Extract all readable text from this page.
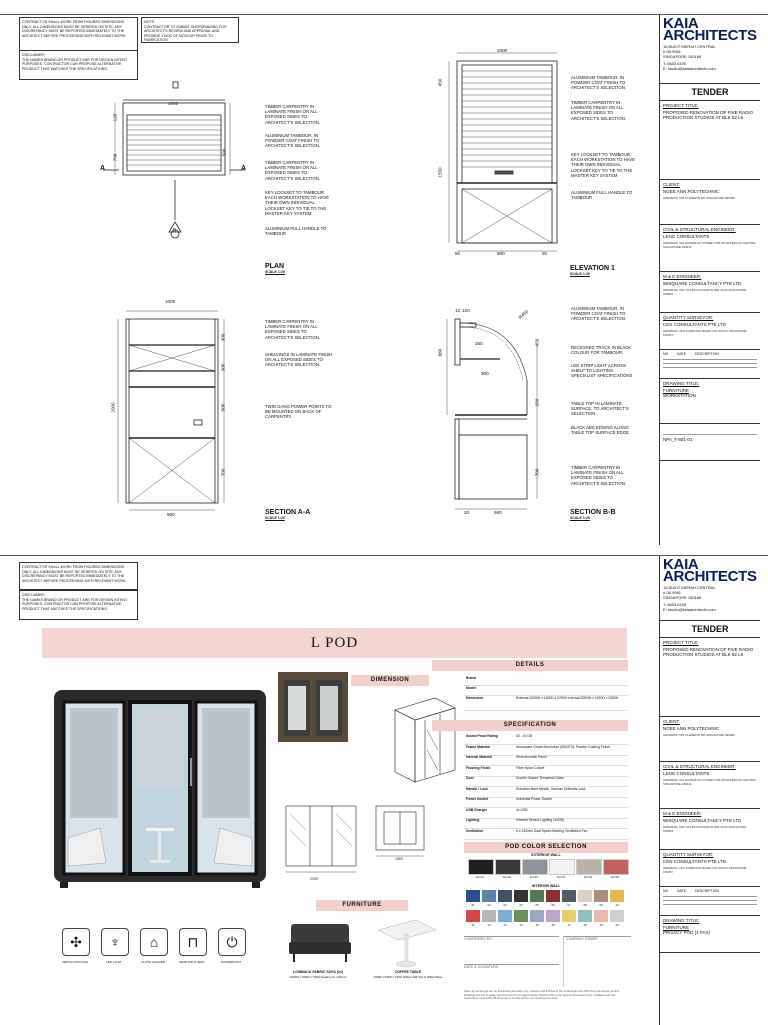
CONTRACTOR SHALL WORK FROM FIGURED DIMENSIONS ONLY. ALL DIMENSIONS MUST BE VERIFIED ON SITE. ANY DISCREPANCY MUST BE REPORTED IMMEDIATELY TO THE ARCHITECT BEFORE PROCEEDING WITH RELEVANT WORK.
DISCLAIMER:
THE NAMES BRAND OR PRODUCT ARE FOR DESIGN INTENT PURPOSES. CONTRACTOR CAN PROPOSE ALTERNATIVE PRODUCT THAT MATCHES THE SPECIFICATIONS.
NOTE:
CONTRACTOR TO SUBMIT SHOPDRAWING FOR ARCHITECT'S REVIEW AND APPROVAL AND PROVIDE 1 NOS OF MOCKUP PRIOR TO FABRICATION.
1000
120
700
500
A	A
B
TIMBER CARPENTRY IN LAMINATE FINISH ON ALL EXPOSED SIDES TO ARCHITECT'S SELECTION.
ALUMINIUM TAMBOUR, IN POWDER COAT FINISH TO ARCHITECT'S SELECTION.
TIMBER CARPENTRY IN LAMINATE FINISH ON ALL EXPOSED SIDES TO ARCHITECT'S SELECTION.
KEY LOCKSET TO TAMBOUR. EACH WORKSTATION TO HAVE THEIR OWN INDIVIDUAL LOCKSET KEY TO TIE TO THE MASTER KEY SYSTEM
ALUMINIUM PULL HANDLE TO TAMBOUR
PLAN
SCALE 1:20
1000
450
1550
50	900	50
ALUMINIUM TAMBOUR, IN POWDER COAT FINISH TO ARCHITECT'S SELECTION.
TIMBER CARPENTRY IN LAMINATE FINISH ON ALL EXPOSED SIDES TO ARCHITECT'S SELECTION.
KEY LOCKSET TO TAMBOUR. EACH WORKSTATION TO HAVE THEIR OWN INDIVIDUAL LOCKSET KEY TO TIE TO THE MASTER KEY SYSTEM
ALUMINIUM FULL HANDLE TO TAMBOUR
ELEVATION 1
SCALE 1:20
1000
2000
300
300
500
700
900
TIMBER CARPENTRY IN LAMINATE FINISH ON ALL EXPOSED SIDES TO ARCHITECT'S SELECTION.
SHELVINGS IN LAMINATE FINISH ON ALL EXPOSED SIDES TO ARCHITECT'S SELECTION.
TWIN GANG POWER POINTS TO BE MOUNTED ON BACK OF CARPENTRY.
SECTION A-A
SCALE 1:20
12 120	R450
250
660
300
450
250
700
20	680
ALUMINIUM TAMBOUR, IN POWDER COAT FINISH TO ARCHITECT'S SELECTION.
RECESSED TRACK IN BLACK COLOUR FOR TAMBOUR.
LED STRIP LIGHT ACROSS SHELF TO LIGHTING SPECIALIST SPECIFICATIONS
TABLE TOP IN LAMINATE SURFACE, TO ARCHITECT'S SELECTION.
BLACK ABS EDGING ALONG TABLE TOP SURFACE EDGE
TIMBER CARPENTRY IN LAMINATE FINISH ON ALL EXPOSED SIDES TO ARCHITECT'S SELECTION.
SECTION B-B
SCALE 1:20
KAIA
ARCHITECTS
16 BUKIT MERAH CENTRAL
# 08-9981
SINGAPORE 150168
T: 6653 6190
E: studio@kaiaarchitects.com
TENDER
PROJECT TITLE:
PROPOSED RENOVATION OF FIVE RADIO PRODUCTION STUDIOS AT BLK 52 L6
CLIENT:
NGEE ANN POLYTECHNIC
ADDRESS: 535 CLEMENTI RD SINGAPORE 599489
CIVIL & STRUCTURAL ENGINEER:
LENG CONSULTANTS
ADDRESS: 431 WATERLOO STREET #05-08 WATERLOO CENTRE SINGAPORE 180431
M & E ENGINEER:
WISQUARE CONSULTANCY PTE LTD
ADDRESS: 996 TOA PAYOH NORTH #05-12/14 SINGAPORE 318993
QUANTITY SURVEYOR:
CEN CONSULTANTS PTE LTD
ADDRESS: 28 A KAMPONG BAHRU RD #03-01 SINGAPORE 169357
NO	DATE	DESCRIPTION
DRAWING TITLE:
FURNITURE
WORKSTATION
NPA_T-601-01
CONTRACTOR SHALL WORK FROM FIGURED DIMENSIONS ONLY. ALL DIMENSIONS MUST BE VERIFIED ON SITE. ANY DISCREPANCY MUST BE REPORTED IMMEDIATELY TO THE ARCHITECT BEFORE PROCEEDING WITH RELEVANT WORK.
DISCLAIMER:
THE NAMES BRAND OR PRODUCT ARE FOR DESIGN INTENT PURPOSES. CONTRACTOR CAN PROPOSE ALTERNATIVE PRODUCT THAT MATCHES THE SPECIFICATIONS.
KAIA
ARCHITECTS
16 BUKIT MERAH CENTRAL
# 08-9981
SINGAPORE 150168
T: 6653 6190
E: studio@kaiaarchitects.com
TENDER
PROJECT TITLE:
PROPOSED RENOVATION OF FIVE RADIO PRODUCTION STUDIOS AT BLK 52 L6
CLIENT:
NGEE ANN POLYTECHNIC
ADDRESS: 535 CLEMENTI RD SINGAPORE 599489
CIVIL & STRUCTURAL ENGINEER:
LENG CONSULTANTS
ADDRESS: 431 WATERLOO STREET #05-08 WATERLOO CENTRE SINGAPORE 180431
M & E ENGINEER:
WISQUARE CONSULTANCY PTE LTD
ADDRESS: 996 TOA PAYOH NORTH #05-12/14 SINGAPORE 318993
QUANTITY SURVEYOR:
CEN CONSULTANTS PTE LTD
ADDRESS: 28 A KAMPONG BAHRU RD #03-01 SINGAPORE 169357
NO	DATE	DESCRIPTION
DRAWING TITLE:
FURNITURE
PRIVACY POD (4 PAX)
L POD
DIMENSION
2200
1500
DETAILS
Brand
Model
Dimension	External 2000W x 1500D x 2200H Internal 2050W x 1490D x 2060H
SPECIFICATION
Sound Proof Rating	30 - 40 DB
Frame Material	Aerospace Grade Aluminium (6063T5), Powder Coating Finish
Internal Material	9mm Acoustic Panel
Flooring Finish	Fiber Nylon Carpet
Door	Double Glazed Tempered Glass
Handle / Lock	Stainless steel handle, German Driftwear Lock
Power Socket	Universal Power Socket
USB Charger	4x USB
Lighting	Infrared Sensor Lighting (400W)
Ventilation	6 x 120mm Dual Speed Bearing Ventilation Fan
POD COLOR SELECTION
EXTERIOR WALL
EX-01	EX-02	EX-03	EX-04	EX-05	EX-06
INTERIOR WALL
01	02	03	04	05	06	07	08	09	10
11	12	13	14	15	16	17	18	19	20
CONFIRMED BY:	COMPANY STAMP:
DATE & SIGNATURE:
Note: all renderings are for illustrative purposes only. Colours and finishes in the renderings may differ from the actual product. Drawings are not to scale, and dimensions are approximate. Please refer to the figured dimensions only. Installers and site supervisors must verify all dimensions on site before commencing any work.
FURNITURE
LOWBACK FABRIC SOFA (2x)
1000W x 600D x 760H Seating Ht. 440mm
COFFEE TABLE
350W x 530D x 740H White HDF Top & White Base
✣
VENTILATION FAN
♆
LED LIGHT
⌂
CLOTH HANGER
⊓
DESKTOP & SEAT
⏻
POWERPOINT
